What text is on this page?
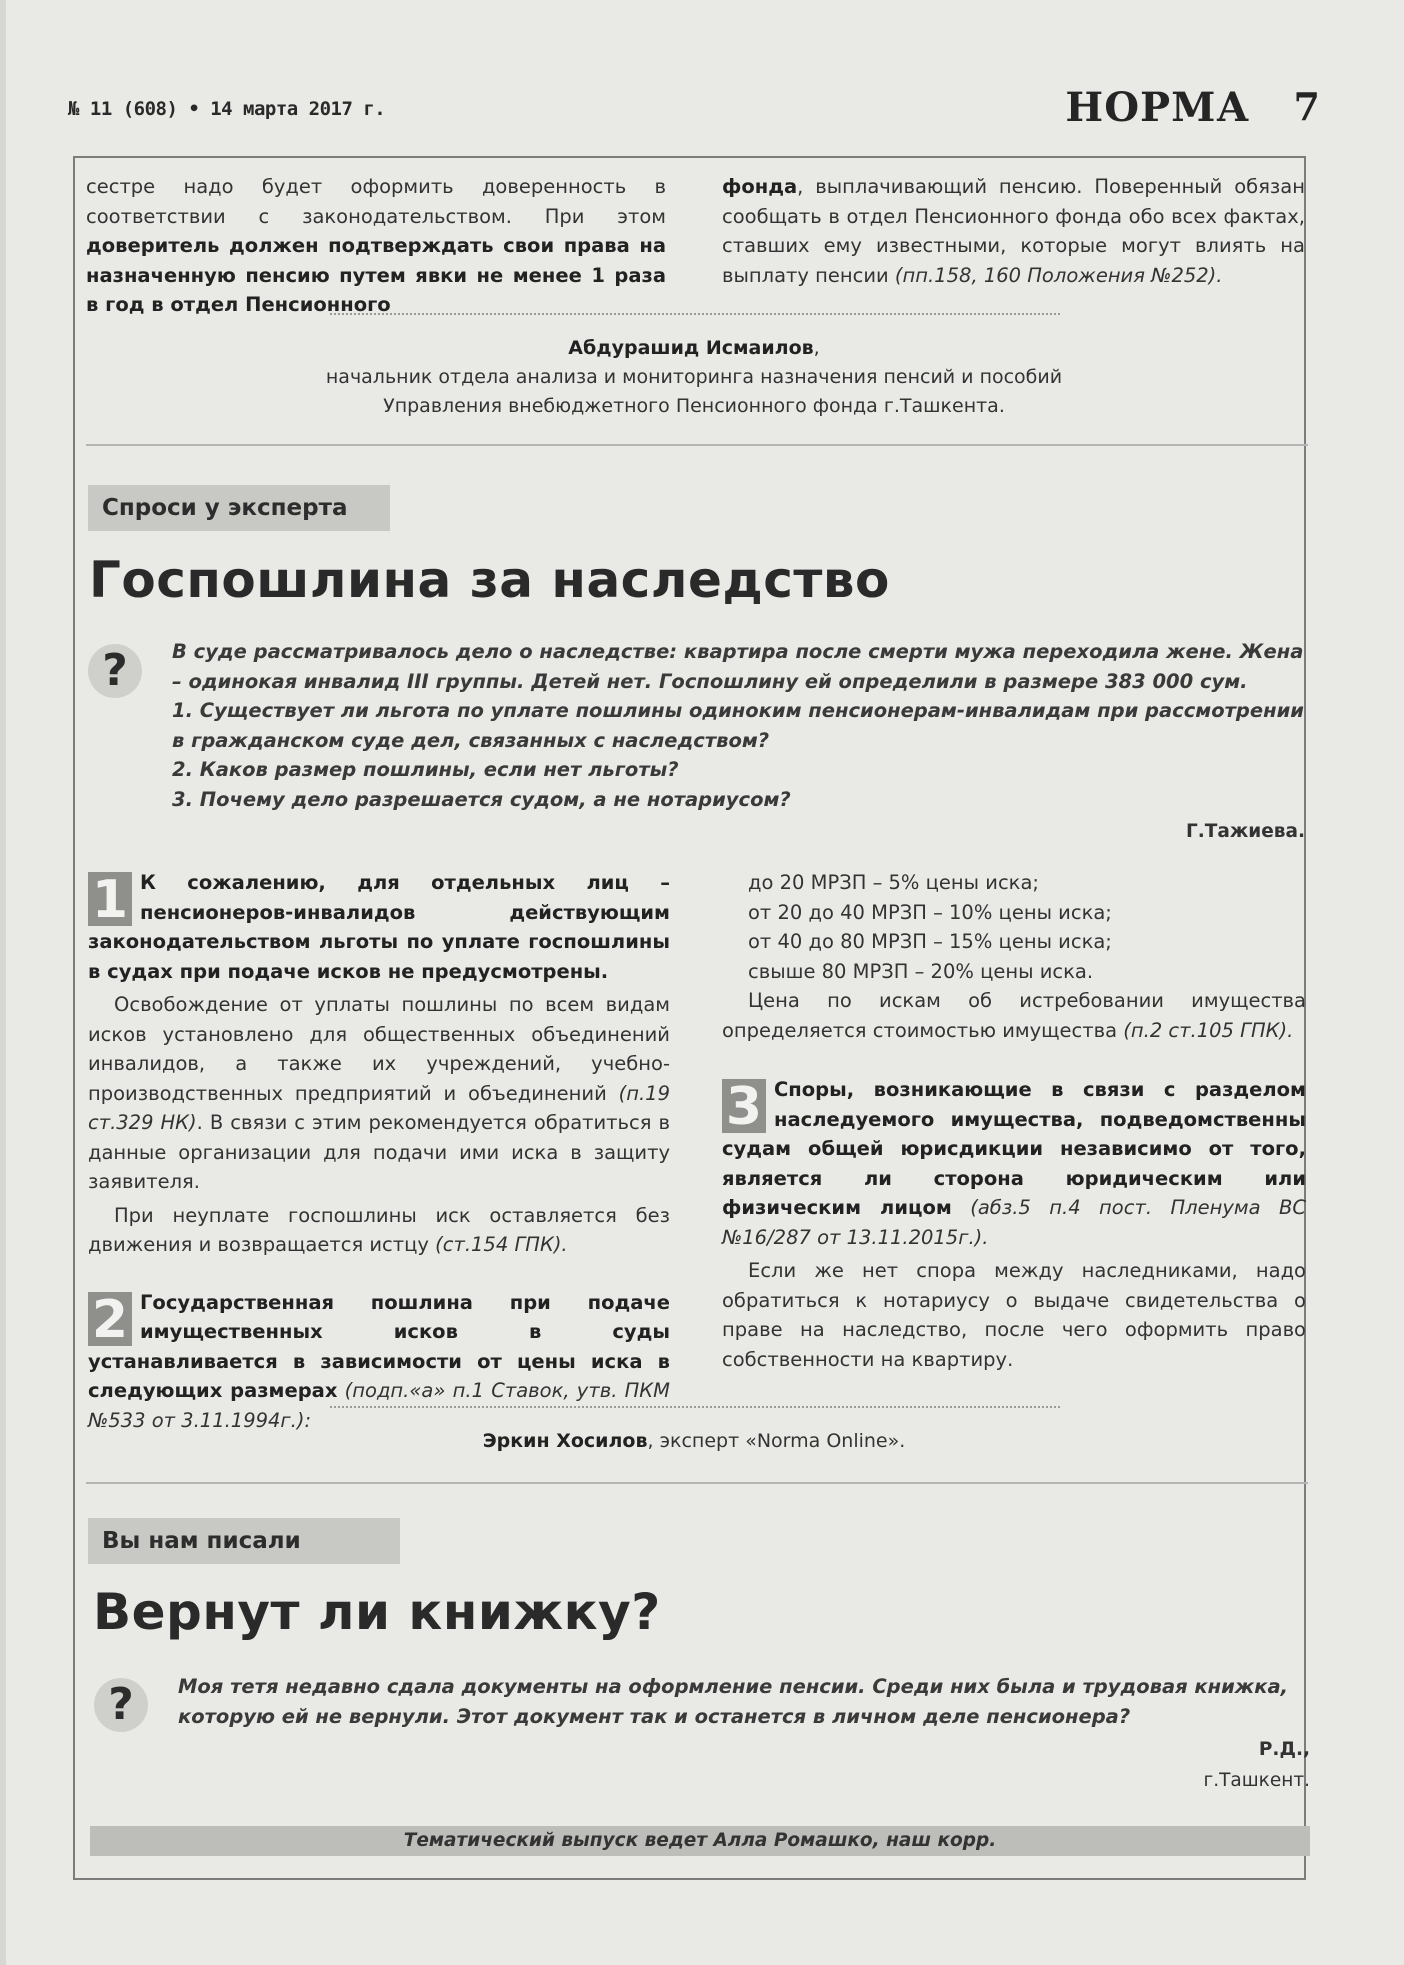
№ 11 (608) • 14 марта 2017 г.	НОРМА 7

сестре надо будет оформить доверенность в соответствии с законодательством. При этом доверитель должен подтверждать свои права на назначенную пенсию путем явки не менее 1 раза в год в отдел Пенсионного

фонда, выплачивающий пенсию. Поверенный обязан сообщать в отдел Пенсионного фонда обо всех фактах, ставших ему известными, которые могут влиять на выплату пенсии (пп.158, 160 Положения №252).

Абдурашид Исмаилов,
начальник отдела анализа и мониторинга назначения пенсий и пособий
Управления внебюджетного Пенсионного фонда г.Ташкента.
Спроси у эксперта
Госпошлина за наследство
?	В суде рассматривалось дело о наследстве: квартира после смерти мужа переходила жене. Жена – одинокая инвалид III группы. Детей нет. Госпошлину ей определили в размере 383 000 сум.

1. Существует ли льгота по уплате пошлины одиноким пенсионерам-инвалидам при рассмотрении в гражданском суде дел, связанных с наследством?

2. Каков размер пошлины, если нет льготы?

3. Почему дело разрешается судом, а не нотариусом?

Г.Тажиева.

1 К сожалению, для отдельных лиц – пенсионеров-инвалидов действующим законодательством льготы по уплате госпошлины в судах при подаче исков не предусмотрены.

Освобождение от уплаты пошлины по всем видам исков установлено для общественных объединений инвалидов, а также их учреждений, учебно-производственных предприятий и объединений (п.19 ст.329 НК). В связи с этим рекомендуется обратиться в данные организации для подачи ими иска в защиту заявителя.

При неуплате госпошлины иск оставляется без движения и возвращается истцу (ст.154 ГПК).

2 Государственная пошлина при подаче имущественных исков в суды устанавливается в зависимости от цены иска в следующих размерах (подп.«а» п.1 Ставок, утв. ПКМ №533 от 3.11.1994г.):

до 20 МРЗП – 5% цены иска;

от 20 до 40 МРЗП – 10% цены иска;

от 40 до 80 МРЗП – 15% цены иска;

свыше 80 МРЗП – 20% цены иска.

Цена по искам об истребовании имущества определяется стоимостью имущества (п.2 ст.105 ГПК).

3 Споры, возникающие в связи с разделом наследуемого имущества, подведомственны судам общей юрисдикции независимо от того, является ли сторона юридическим или физическим лицом (абз.5 п.4 пост. Пленума ВС №16/287 от 13.11.2015г.).

Если же нет спора между наследниками, надо обратиться к нотариусу о выдаче свидетельства о праве на наследство, после чего оформить право собственности на квартиру.

Эркин Хосилов, эксперт «Norma Online».
Вы нам писали
Вернут ли книжку?
?	Моя тетя недавно сдала документы на оформление пенсии. Среди них была и трудовая книжка, которую ей не вернули. Этот документ так и останется в личном деле пенсионера?
Р.Д.,
г.Ташкент.
Тематический выпуск ведет Алла Ромашко, наш корр.
